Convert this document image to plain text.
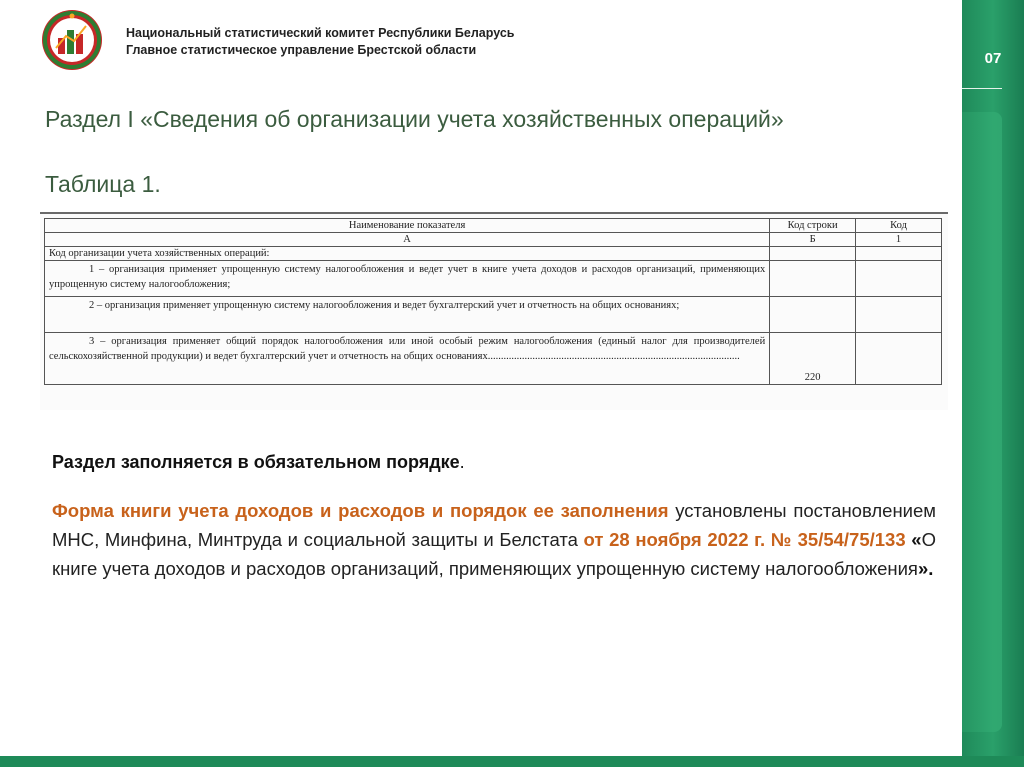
Национальный статистический комитет Республики Беларусь
Главное статистическое управление Брестской области	07
Раздел I «Сведения об организации учета хозяйственных операций»
Таблица 1.
Наименование показателя	Код строки	Код
А	Б	1
Код организации учета хозяйственных операций:		
1 – организация применяет упрощенную систему налогообложения и ведет учет в книге учета доходов и расходов организаций, применяющих упрощенную систему налогообложения;		
2 – организация применяет упрощенную систему налогообложения и ведет бухгалтерский учет и отчетность на общих основаниях;		

3 – организация применяет общий порядок налогообложения или иной особый режим налогообложения (единый налог для производителей сельскохозяйственной продукции) и ведет бухгалтерский учет и отчетность на общих основаниях................................................................................................	220	
Раздел заполняется в обязательном порядке.
Форма книги учета доходов и расходов и порядок ее заполнения установлены постановлением МНС, Минфина, Минтруда и социальной защиты и Белстата от 28 ноября 2022 г. № 35/54/75/133 «О книге учета доходов и расходов организаций, применяющих упрощенную систему налогообложения».
